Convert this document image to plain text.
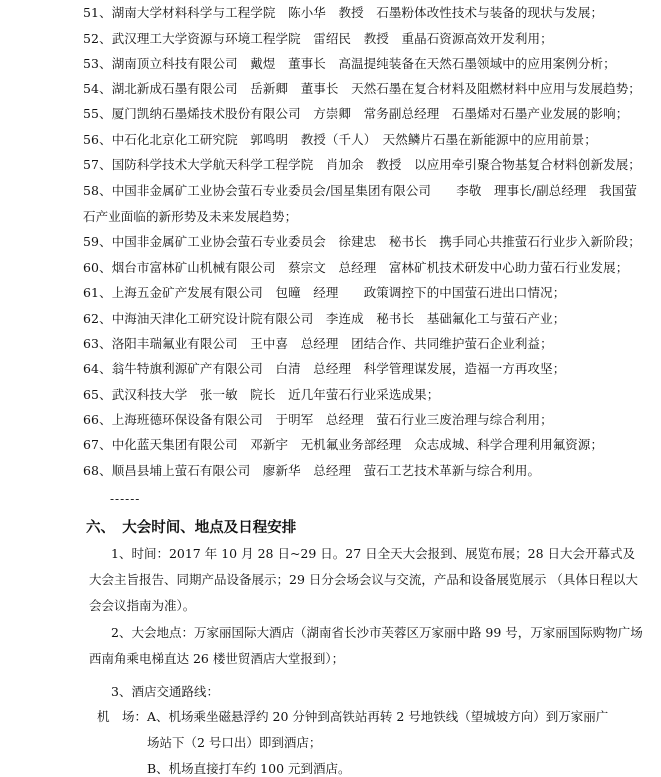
51、湖南大学材料科学与工程学院　陈小华　教授　石墨粉体改性技术与装备的现状与发展；
52、武汉理工大学资源与环境工程学院　雷绍民　教授　重晶石资源高效开发利用；
53、湖南顶立科技有限公司　戴煜　董事长　高温提纯装备在天然石墨领域中的应用案例分析；
54、湖北新成石墨有限公司　岳新卿　董事长　天然石墨在复合材料及阻燃材料中应用与发展趋势；
55、厦门凯纳石墨烯技术股份有限公司　方崇卿　常务副总经理　石墨烯对石墨产业发展的影响；
56、中石化北京化工研究院　郭鸣明　教授（千人）　天然鳞片石墨在新能源中的应用前景；
57、国防科学技术大学航天科学工程学院　肖加余　教授　以应用牵引聚合物基复合材料创新发展；
58、中国非金属矿工业协会萤石专业委员会/国星集团有限公司　　李敬　理事长/副总经理　我国萤石产业面临的新形势及未来发展趋势；
59、中国非金属矿工业协会萤石专业委员会　徐建忠　秘书长　携手同心共推萤石行业步入新阶段；
60、烟台市富林矿山机械有限公司　蔡宗文　总经理　富林矿机技术研发中心助力萤石行业发展；
61、上海五金矿产发展有限公司　包曈　经理　　政策调控下的中国萤石进出口情况；
62、中海油天津化工研究设计院有限公司　李连成　秘书长　基础氟化工与萤石产业；
63、洛阳丰瑞氟业有限公司　王中喜　总经理　团结合作、共同维护萤石企业利益；
64、翁牛特旗利源矿产有限公司　白清　总经理　科学管理谋发展，造福一方再攻坚；
65、武汉科技大学　张一敏　院长　近几年萤石行业采选成果；
66、上海班德环保设备有限公司　于明军　总经理　萤石行业三废治理与综合利用；
67、中化蓝天集团有限公司　邓新宇　无机氟业务部经理　众志成城、科学合理利用氟资源；
68、顺昌县埔上萤石有限公司　廖新华　总经理　萤石工艺技术革新与综合利用。
------
六、　大会时间、地点及日程安排
1、时间：2017 年 10 月 28 日~29 日。27 日全天大会报到、展览布展；28 日大会开幕式及大会主旨报告、同期产品设备展示；29 日分会场会议与交流，产品和设备展览展示 （具体日程以大会会议指南为准）。
2、大会地点：万家丽国际大酒店（湖南省长沙市芙蓉区万家丽中路 99 号，万家丽国际购物广场西南角乘电梯直达 26 楼世贸酒店大堂报到）；
3、酒店交通路线：
机　场： A、机场乘坐磁悬浮约 20 分钟到高铁站再转 2 号地铁线（望城坡方向）到万家丽广
场站下（2 号口出）即到酒店；
B、机场直接打车约 100 元到酒店。
